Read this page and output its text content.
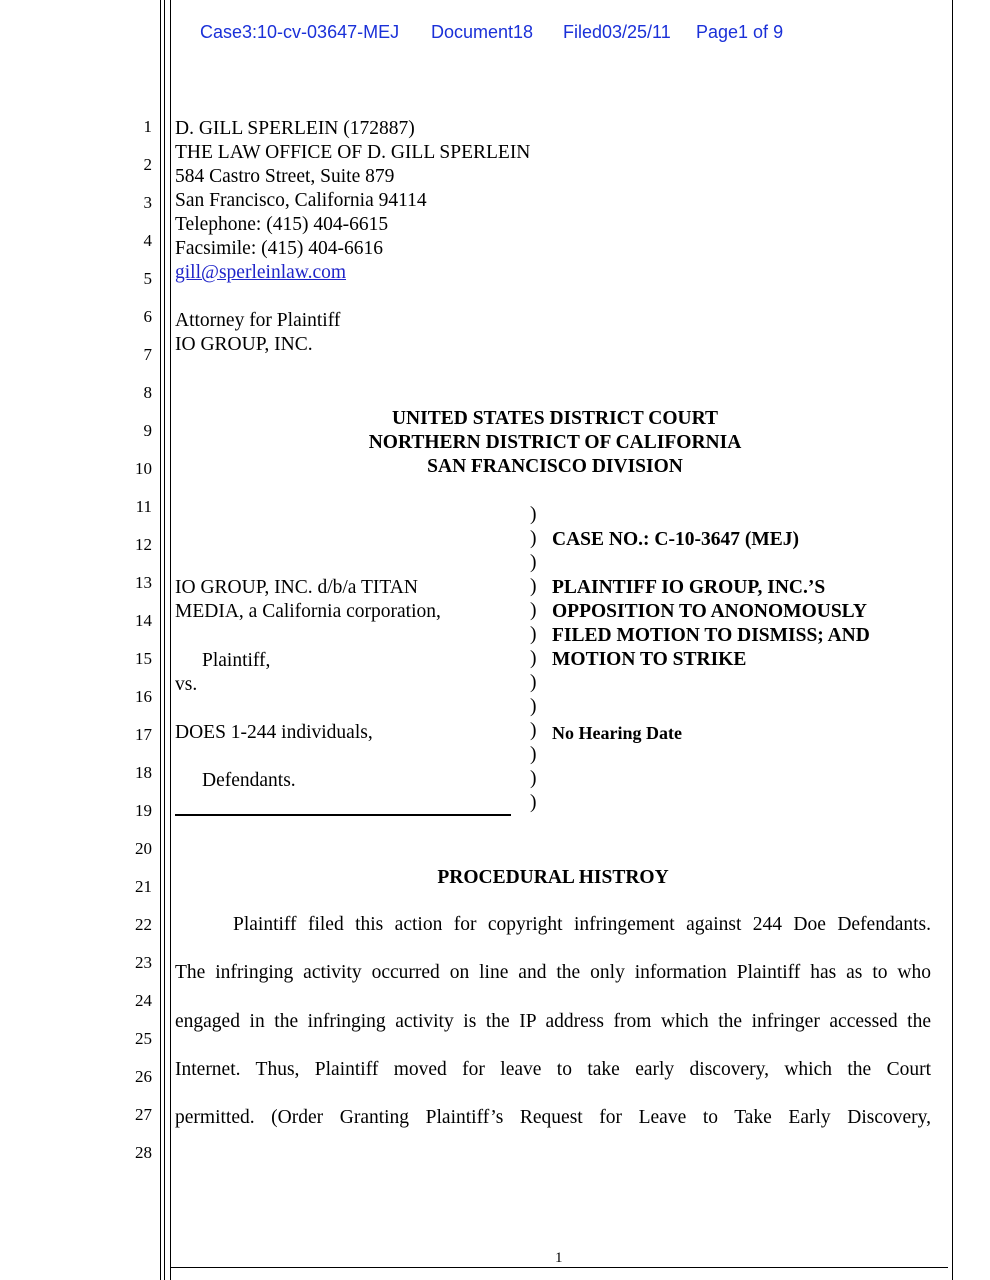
Case3:10-cv-03647-MEJ Document18 Filed03/25/11 Page1 of 9
1
2
3
4
5
6
7
8
9
10
11
12
13
14
15
16
17
18
19
20
21
22
23
24
25
26
27
28
D. GILL SPERLEIN (172887)
THE LAW OFFICE OF D. GILL SPERLEIN
584 Castro Street, Suite 879
San Francisco, California 94114
Telephone: (415) 404-6615
Facsimile: (415) 404-6616
gill@sperleinlaw.com
Attorney for Plaintiff
IO GROUP, INC.
UNITED STATES DISTRICT COURT
NORTHERN DISTRICT OF CALIFORNIA
SAN FRANCISCO DIVISION
IO GROUP, INC. d/b/a TITAN
MEDIA, a California corporation,
Plaintiff,
vs.
DOES 1-244 individuals,
Defendants.
)
)
)
)
)
)
)
)
)
)
)
)
)
CASE NO.: C-10-3647 (MEJ)
PLAINTIFF IO GROUP, INC.’S
OPPOSITION TO ANONOMOUSLY
FILED MOTION TO DISMISS; AND
MOTION TO STRIKE
No Hearing Date
PROCEDURAL HISTROY
Plaintiff filed this action for copyright infringement against 244 Doe Defendants.
The infringing activity occurred on line and the only information Plaintiff has as to who
engaged in the infringing activity is the IP address from which the infringer accessed the
Internet. Thus, Plaintiff moved for leave to take early discovery, which the Court
permitted. (Order Granting Plaintiff’s Request for Leave to Take Early Discovery,
1
